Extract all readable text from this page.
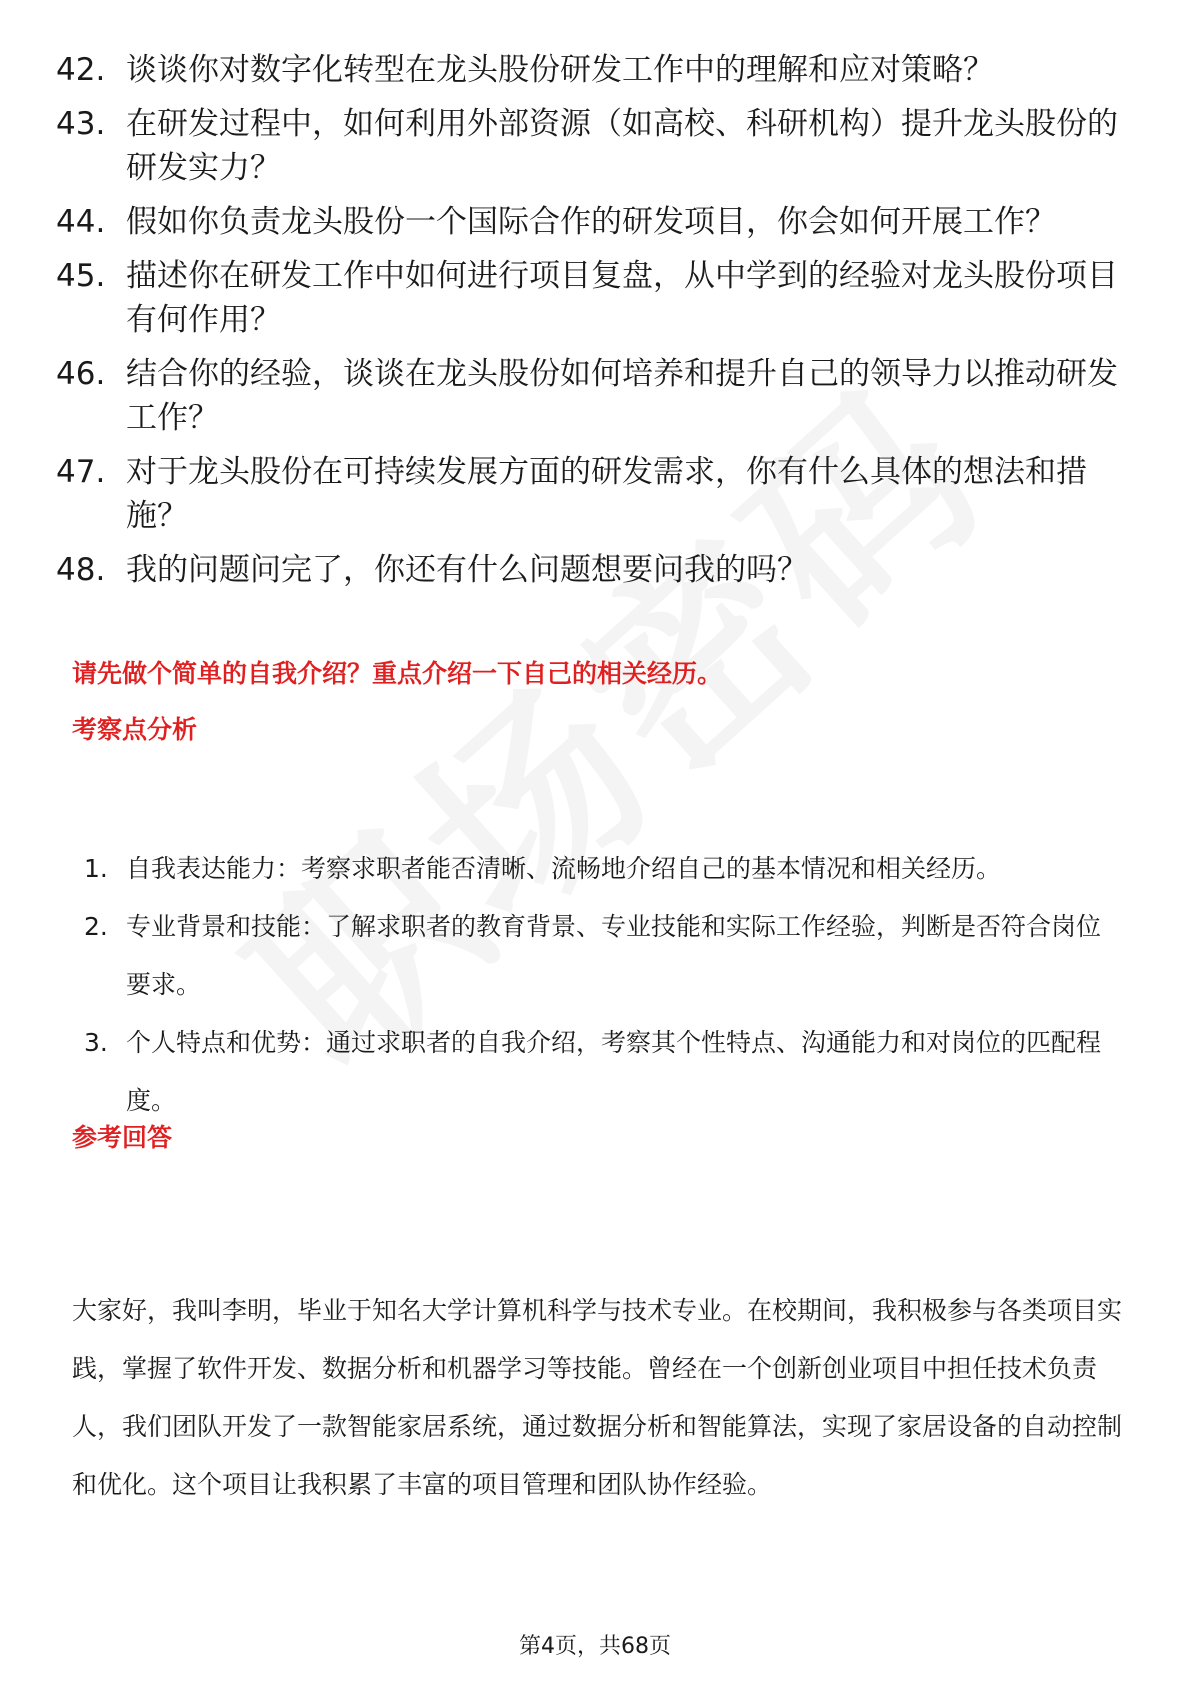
42. 谈谈你对数字化转型在龙头股份研发工作中的理解和应对策略？
43. 在研发过程中，如何利用外部资源（如高校、科研机构）提升龙头股份的研发实力？
44. 假如你负责龙头股份一个国际合作的研发项目，你会如何开展工作？
45. 描述你在研发工作中如何进行项目复盘，从中学到的经验对龙头股份项目有何作用？
46. 结合你的经验，谈谈在龙头股份如何培养和提升自己的领导力以推动研发工作？
47. 对于龙头股份在可持续发展方面的研发需求，你有什么具体的想法和措施？
48. 我的问题问完了，你还有什么问题想要问我的吗？
请先做个简单的自我介绍？重点介绍一下自己的相关经历。
考察点分析
1. 自我表达能力：考察求职者能否清晰、流畅地介绍自己的基本情况和相关经历。
2. 专业背景和技能：了解求职者的教育背景、专业技能和实际工作经验，判断是否符合岗位要求。
3. 个人特点和优势：通过求职者的自我介绍，考察其个性特点、沟通能力和对岗位的匹配程度。
参考回答
大家好，我叫李明，毕业于知名大学计算机科学与技术专业。在校期间，我积极参与各类项目实践，掌握了软件开发、数据分析和机器学习等技能。曾经在一个创新创业项目中担任技术负责人，我们团队开发了一款智能家居系统，通过数据分析和智能算法，实现了家居设备的自动控制和优化。这个项目让我积累了丰富的项目管理和团队协作经验。
第4页，共68页
